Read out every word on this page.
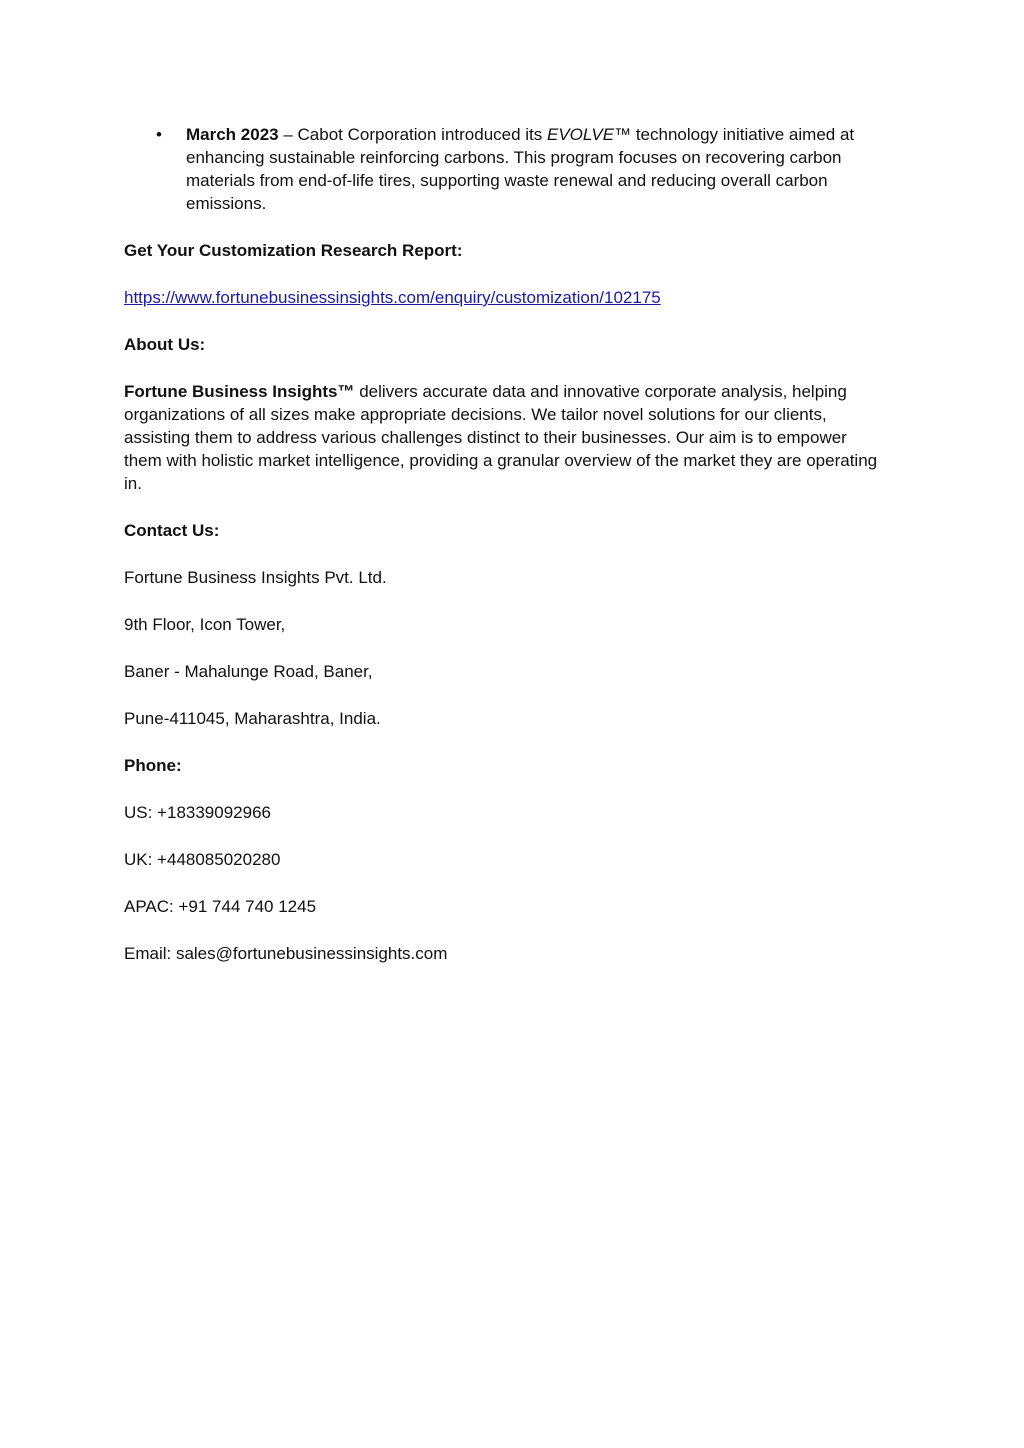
• March 2023 – Cabot Corporation introduced its EVOLVE™ technology initiative aimed at enhancing sustainable reinforcing carbons. This program focuses on recovering carbon materials from end-of-life tires, supporting waste renewal and reducing overall carbon emissions.

Get Your Customization Research Report:

https://www.fortunebusinessinsights.com/enquiry/customization/102175

About Us:

Fortune Business Insights™ delivers accurate data and innovative corporate analysis, helping organizations of all sizes make appropriate decisions. We tailor novel solutions for our clients, assisting them to address various challenges distinct to their businesses. Our aim is to empower them with holistic market intelligence, providing a granular overview of the market they are operating in.

Contact Us:

Fortune Business Insights Pvt. Ltd.

9th Floor, Icon Tower,

Baner - Mahalunge Road, Baner,

Pune-411045, Maharashtra, India.

Phone:

US: +18339092966

UK: +448085020280

APAC: +91 744 740 1245

Email: sales@fortunebusinessinsights.com
